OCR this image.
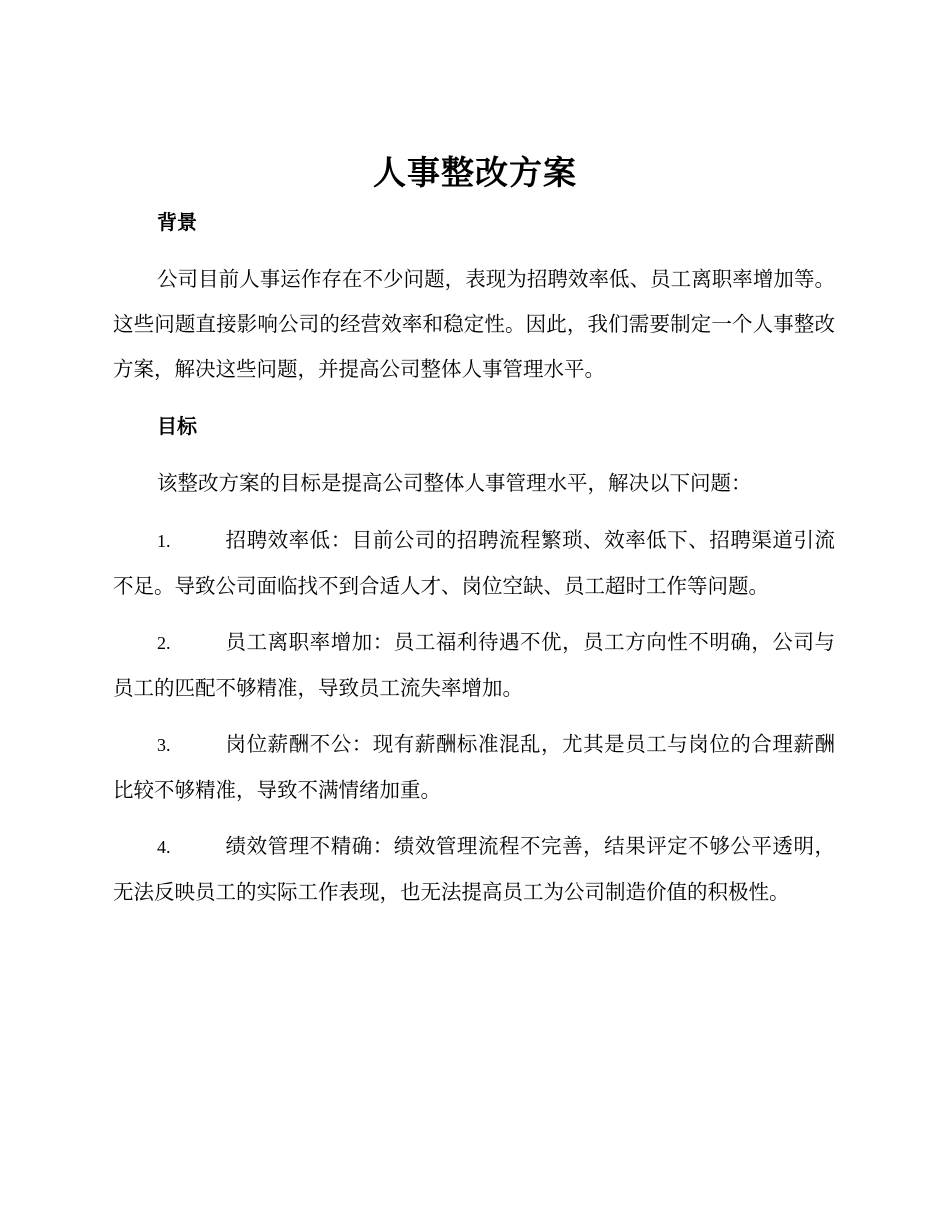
人事整改方案
背景

公司目前人事运作存在不少问题，表现为招聘效率低、员工离职率增加等。这些问题直接影响公司的经营效率和稳定性。因此，我们需要制定一个人事整改方案，解决这些问题，并提高公司整体人事管理水平。

目标

该整改方案的目标是提高公司整体人事管理水平，解决以下问题：

1.	招聘效率低：目前公司的招聘流程繁琐、效率低下、招聘渠道引流不足。导致公司面临找不到合适人才、岗位空缺、员工超时工作等问题。

2.	员工离职率增加：员工福利待遇不优，员工方向性不明确，公司与员工的匹配不够精准，导致员工流失率增加。

3.	岗位薪酬不公：现有薪酬标准混乱，尤其是员工与岗位的合理薪酬比较不够精准，导致不满情绪加重。

4.	绩效管理不精确：绩效管理流程不完善，结果评定不够公平透明，无法反映员工的实际工作表现，也无法提高员工为公司制造价值的积极性。
